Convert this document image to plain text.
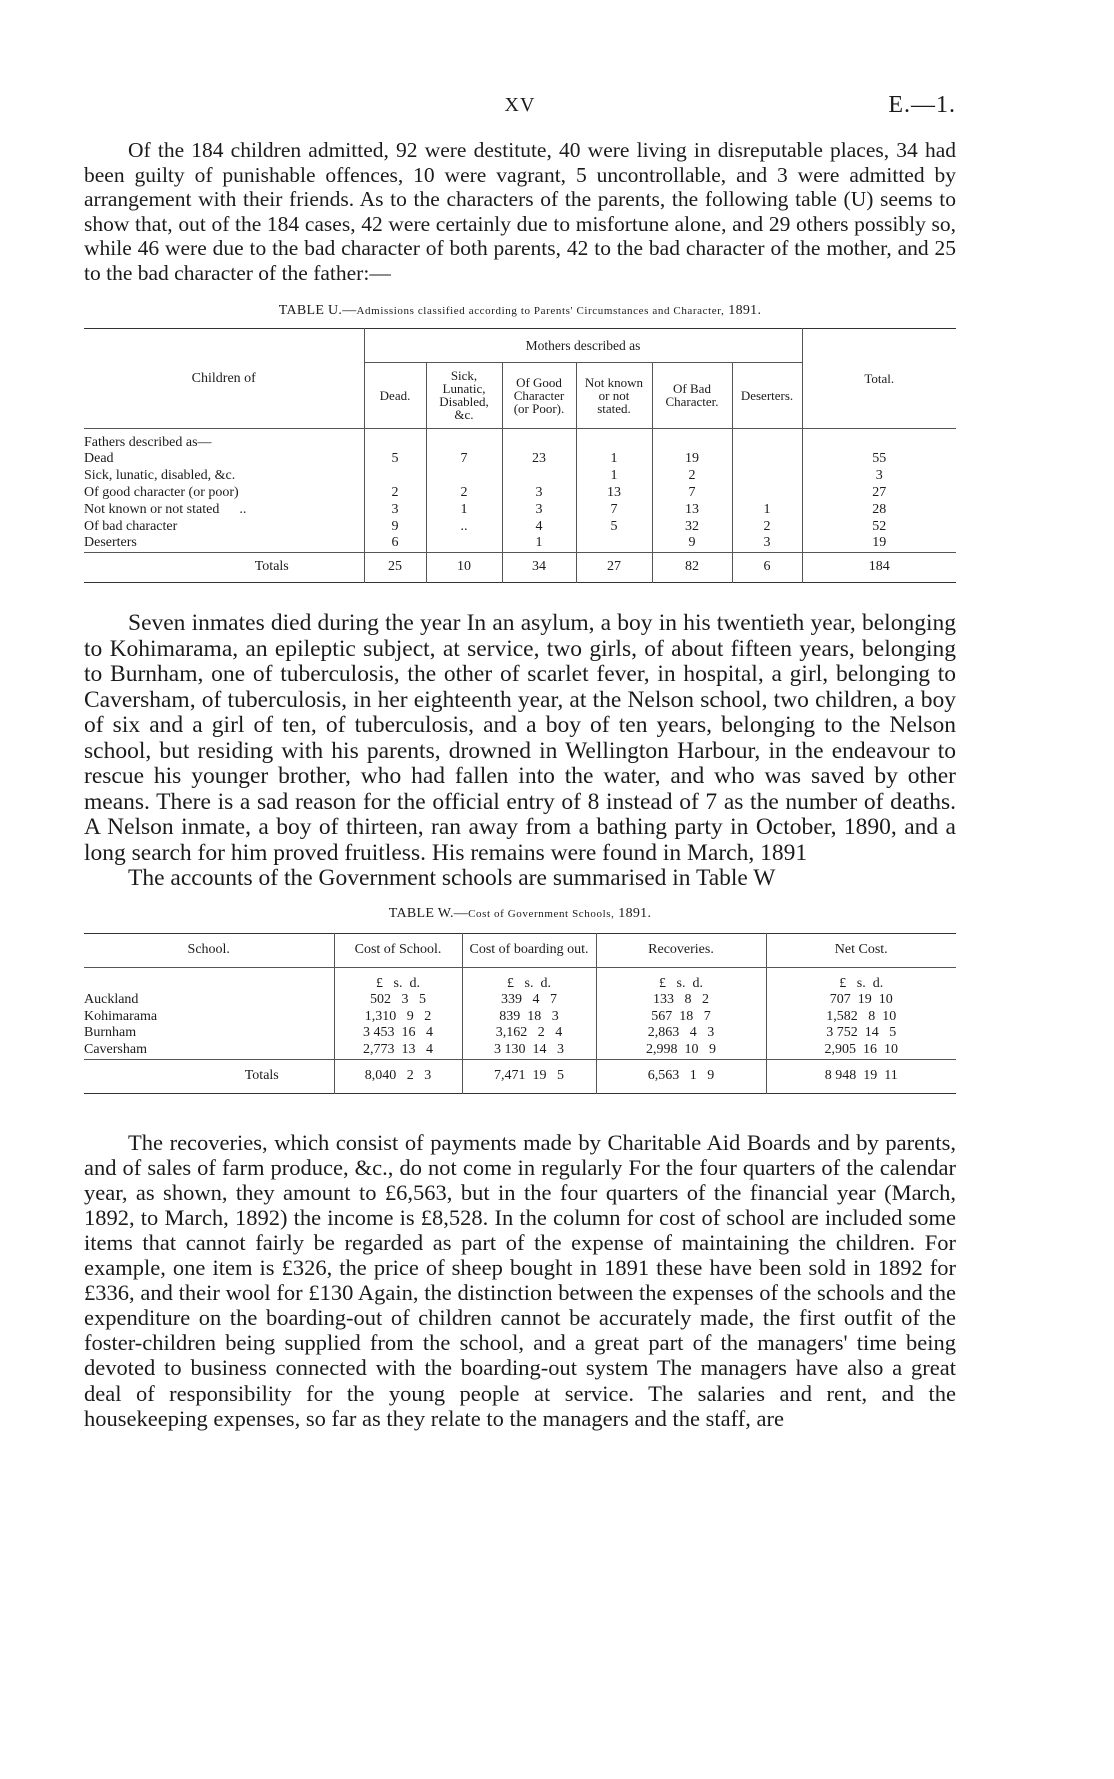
XV	E.—1.

Of the 184 children admitted, 92 were destitute, 40 were living in disreputable places, 34 had been guilty of punishable offences, 10 were vagrant, 5 uncontrollable, and 3 were admitted by arrangement with their friends. As to the characters of the parents, the following table (U) seems to show that, out of the 184 cases, 42 were certainly due to misfortune alone, and 29 others possibly so, while 46 were due to the bad character of both parents, 42 to the bad character of the mother, and 25 to the bad character of the father:—

TABLE U.—Admissions classified according to Parents' Circumstances and Character, 1891.
Children of	Mothers described as						Total.
	Dead.	Sick, Lunatic, Disabled, &c.	Of Good Character (or Poor).	Not known or not stated.	Of Bad Character.	Deserters.	
Fathers described as—							
Dead	5	7	23	1	19		55
Sick, lunatic, disabled, &c.				1	2		3
Of good character (or poor)	2	2	3	13	7		27
Not known or not stated ..	3	1	3	7	13	1	28
Of bad character	9	..	4	5	32	2	52
Deserters	6		1		9	3	19
Totals	25	10	34	27	82	6	184

Seven inmates died during the year In an asylum, a boy in his twentieth year, belonging to Kohimarama, an epileptic subject, at service, two girls, of about fifteen years, belonging to Burnham, one of tuberculosis, the other of scarlet fever, in hospital, a girl, belonging to Caversham, of tuberculosis, in her eighteenth year, at the Nelson school, two children, a boy of six and a girl of ten, of tuberculosis, and a boy of ten years, belonging to the Nelson school, but residing with his parents, drowned in Wellington Harbour, in the endeavour to rescue his younger brother, who had fallen into the water, and who was saved by other means. There is a sad reason for the official entry of 8 instead of 7 as the number of deaths. A Nelson inmate, a boy of thirteen, ran away from a bathing party in October, 1890, and a long search for him proved fruitless. His remains were found in March, 1891

The accounts of the Government schools are summarised in Table W

TABLE W.—Cost of Government Schools, 1891.
School.	Cost of School.	Cost of boarding out.	Recoveries.	Net Cost.
	£   s.  d.	£   s.  d.	£   s.  d.	£   s.  d.
Auckland	502   3   5	339   4   7	133   8   2	707  19  10
Kohimarama	1,310   9   2	839  18   3	567  18   7	1,582   8  10
Burnham	3 453  16   4	3,162   2   4	2,863   4   3	3 752  14   5
Caversham	2,773  13   4	3 130  14   3	2,998  10   9	2,905  16  10
Totals	8,040   2   3	7,471  19   5	6,563   1   9	8 948  19  11

The recoveries, which consist of payments made by Charitable Aid Boards and by parents, and of sales of farm produce, &c., do not come in regularly For the four quarters of the calendar year, as shown, they amount to £6,563, but in the four quarters of the financial year (March, 1892, to March, 1892) the income is £8,528. In the column for cost of school are included some items that cannot fairly be regarded as part of the expense of maintaining the children. For example, one item is £326, the price of sheep bought in 1891 these have been sold in 1892 for £336, and their wool for £130 Again, the distinction between the expenses of the schools and the expenditure on the boarding-out of children cannot be accurately made, the first outfit of the foster-children being supplied from the school, and a great part of the managers' time being devoted to business connected with the boarding-out system The managers have also a great deal of responsibility for the young people at service. The salaries and rent, and the housekeeping expenses, so far as they relate to the managers and the staff, are
